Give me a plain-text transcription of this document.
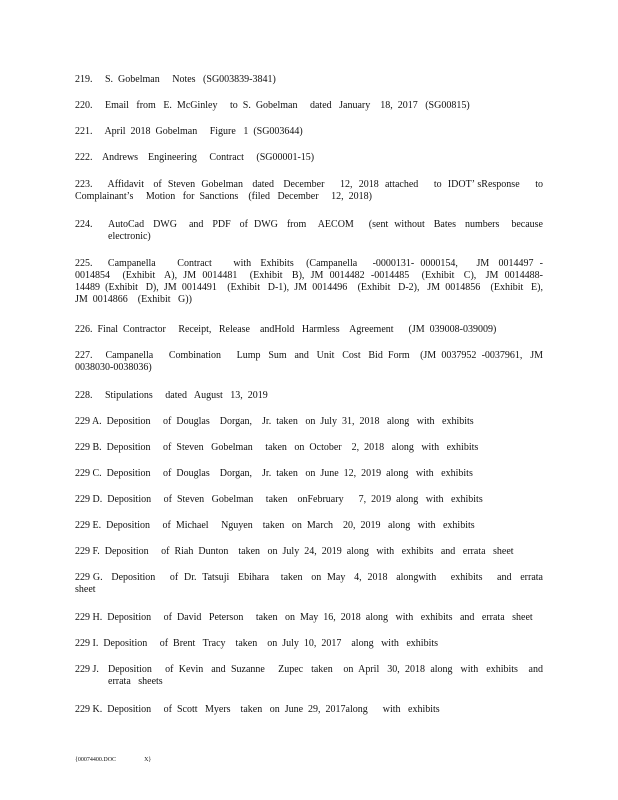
219.     S.  Gobelman     Notes   (SG003839-3841)
220.     Email   from   E.  McGinley     to  S.  Gobelman     dated   January    18,  2017   (SG00815)
221.     April  2018  Gobelman     Figure   1  (SG003644)
222.    Andrews    Engineering     Contract     (SG00001-15)
223.     Affidavit   of  Steven  Gobelman   dated   December     12,  2018  attached     to  IDOT’ sResponse     to  Complainant’s     Motion   for  Sanctions    (filed   December     12,  2018)
224. AutoCad   DWG    and   PDF   of  DWG   from    AECOM     (sent  without   Bates   numbers    because  electronic)
225.     Campanella       Contract       with   Exhibits    (Campanella     -0000131-  0000154,      JM   0014497  -  0014854    (Exhibit   A),  JM  0014481    (Exhibit   B),  JM  0014482  -0014485    (Exhibit   C),   JM  0014488-                14489  (Exhibit   D),  JM  0014491    (Exhibit   D-1),  JM  0014496    (Exhibit   D-2),   JM  0014856    (Exhibit   E),  JM  0014866    (Exhibit   G))
226.  Final  Contractor     Receipt,   Release    andHold   Harmless    Agreement      (JM  039008-039009)
227.     Campanella      Combination      Lump   Sum   and   Unit   Cost   Bid  Form    (JM  0037952  -0037961,   JM   0038030-0038036)
228.     Stipulations     dated   August   13,  2019
229 A.  Deposition     of  Douglas    Dorgan,    Jr.  taken   on  July  31,  2018   along   with   exhibits
229 B.  Deposition     of  Steven   Gobelman     taken   on  October    2,  2018   along   with   exhibits
229 C.  Deposition     of  Douglas    Dorgan,    Jr.  taken   on  June  12,  2019  along   with   exhibits
229 D.  Deposition     of  Steven   Gobelman     taken    onFebruary      7,  2019  along   with   exhibits
229 E.  Deposition     of  Michael     Nguyen    taken   on  March    20,  2019   along   with   exhibits
229 F.  Deposition     of  Riah  Dunton    taken   on  July  24,  2019  along   with   exhibits   and   errata   sheet
229 G.   Deposition     of  Dr.  Tatsuji   Ebihara    taken   on  May   4,  2018   alongwith     exhibits     and   errata  sheet
229 H.  Deposition     of  David   Peterson     taken   on  May  16,  2018  along   with   exhibits   and   errata   sheet
229 I.  Deposition     of  Brent   Tracy    taken    on  July  10,  2017    along   with   exhibits
229 J. Deposition     of  Kevin   and  Suzanne     Zupec   taken    on  April   30,  2018  along   with   exhibits    and   errata   sheets
229 K.  Deposition     of  Scott   Myers    taken   on  June  29,  2017along      with   exhibits
{00074400.DOC	X}
